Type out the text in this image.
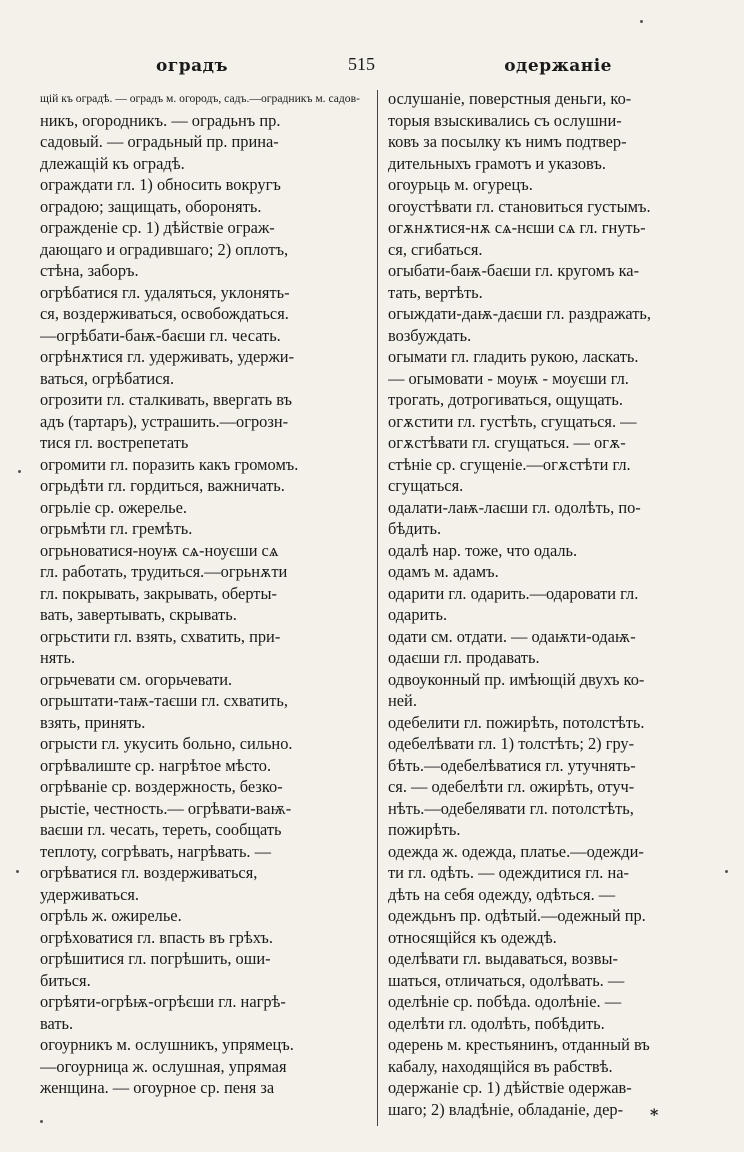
оградъ	515	одержаніе
щій къ оградѣ. — оградъ м. огородъ, садъ.—оградникъ м. садов-
никъ, огородникъ. — оградьнъ пр.
садовый. — оградьный пр. прина-
длежащій къ оградѣ.
ограждати гл. 1) обносить вокругъ
оградою; защищать, оборонять.
огражденіе ср. 1) дѣйствіе ограж-
дающаго и оградившаго; 2) оплотъ,
стѣна, заборъ.
огрѣбатися гл. удаляться, уклонять-
ся, воздерживаться, освобождаться.
—огрѣбати-баѭ-баєши гл. чесать.
огрѣнѫтися гл. удерживать, удержи-
ваться, огрѣбатися.
огрозити гл. сталкивать, ввергать въ
адъ (тартаръ), устрашить.—огрозн-
тися гл. вострепетать
огромити гл. поразить какъ громомъ.
огрьдѣти гл. гордиться, важничать.
огрьліе ср. ожерелье.
огрьмѣти гл. гремѣть.
огрьноватися-ноуѭ сѧ-ноуєши сѧ
гл. работать, трудиться.—огрьнѫти
гл. покрывать, закрывать, оберты-
вать, завертывать, скрывать.
огрьстити гл. взять, схватить, при-
нять.
огрьчевати см. огорьчевати.
огрьштати-таѭ-таєши гл. схватить,
взять, принять.
огрысти гл. укусить больно, сильно.
огрѣвалиште ср. нагрѣтое мѣсто.
огрѣваніе ср. воздержность, безко-
рыстіе, честность.— огрѣвати-ваѭ-
ваєши гл. чесать, тереть, сообщать
теплоту, согрѣвать, нагрѣвать. —
огрѣватися гл. воздерживаться,
удерживаться.
огрѣль ж. ожирелье.
огрѣховатися гл. впасть въ грѣхъ.
огрѣшитися гл. погрѣшить, оши-
биться.
огрѣяти-огрѣѭ-огрѣєши гл. нагрѣ-
вать.
огоурникъ м. ослушникъ, упрямецъ.
—огоурница ж. ослушная, упрямая
женщина. — огоурное ср. пеня за
ослушаніе, поверстныя деньги, ко-
торыя взыскивались съ ослушни-
ковъ за посылку къ нимъ подтвер-
дительныхъ грамотъ и указовъ.
огоурьць м. огурецъ.
огоустѣвати гл. становиться густымъ.
огѫнѫтися-нѫ сѧ-нєши сѧ гл. гнуть-
ся, сгибаться.
огыбати-баѭ-баєши гл. кругомъ ка-
тать, вертѣть.
огыждати-даѭ-даєши гл. раздражать,
возбуждать.
огымати гл. гладить рукою, ласкать.
— огымовати - моуѭ - моуєши гл.
трогать, дотрогиваться, ощущать.
огѫстити гл. густѣть, сгущаться. —
огѫстѣвати гл. сгущаться. — огѫ-
стѣніе ср. сгущеніе.—огѫстѣти гл.
сгущаться.
одалати-лаѭ-лаєши гл. одолѣть, по-
бѣдить.
одалѣ нар. тоже, что одаль.
одамъ м. адамъ.
одарити гл. одарить.—одаровати гл.
одарить.
одати см. отдати. — одаѭти-одаѭ-
одаєши гл. продавать.
одвоуконный пр. имѣющій двухъ ко-
ней.
одебелити гл. пожирѣть, потолстѣть.
одебелѣвати гл. 1) толстѣть; 2) гру-
бѣть.—одебелѣватися гл. утучнять-
ся. — одебелѣти гл. ожирѣть, отуч-
нѣть.—одебелявати гл. потолстѣть,
пожирѣть.
одежда ж. одежда, платье.—одежди-
ти гл. одѣть. — одеждитися гл. на-
дѣть на себя одежду, одѣться. —
одеждьнъ пр. одѣтый.—одежный пр.
относящійся къ одеждѣ.
оделѣвати гл. выдаваться, возвы-
шаться, отличаться, одолѣвать. —
оделѣніе ср. побѣда. одолѣніе. —
оделѣти гл. одолѣть, побѣдить.
одерень м. крестьянинъ, отданный въ
кабалу, находящійся въ рабствѣ.
одержаніе ср. 1) дѣйствіе одержав-
шаго; 2) владѣніе, обладаніе, дер-	*
